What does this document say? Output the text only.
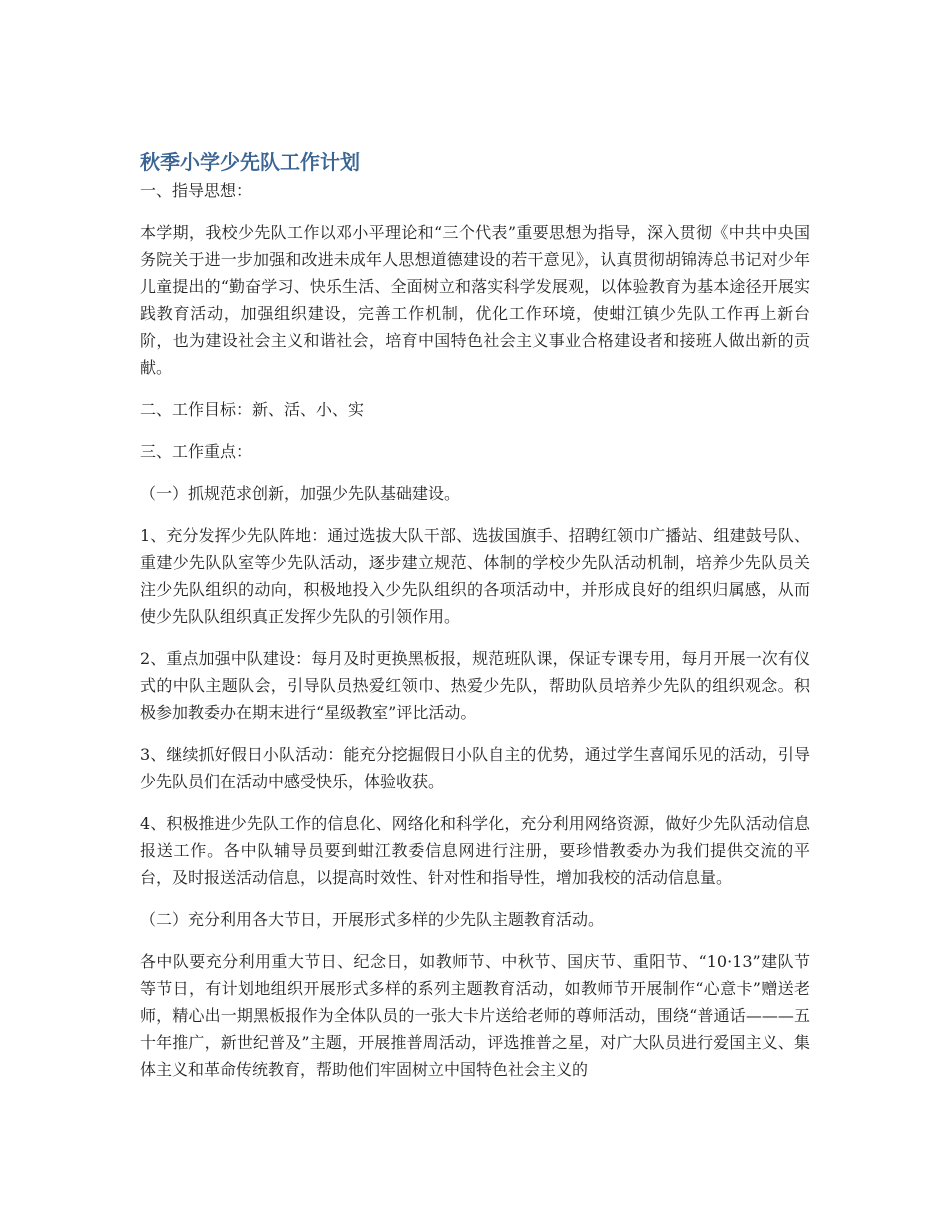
秋季小学少先队工作计划

一、指导思想：

本学期，我校少先队工作以邓小平理论和“三个代表”重要思想为指导，深入贯彻《中共中央国务院关于进一步加强和改进未成年人思想道德建设的若干意见》，认真贯彻胡锦涛总书记对少年儿童提出的“勤奋学习、快乐生活、全面树立和落实科学发展观，以体验教育为基本途径开展实践教育活动，加强组织建设，完善工作机制，优化工作环境，使蚶江镇少先队工作再上新台阶，也为建设社会主义和谐社会，培育中国特色社会主义事业合格建设者和接班人做出新的贡献。

二、工作目标：新、活、小、实

三、工作重点：

（一）抓规范求创新，加强少先队基础建设。

1、充分发挥少先队阵地：通过选拔大队干部、选拔国旗手、招聘红领巾广播站、组建鼓号队、重建少先队队室等少先队活动，逐步建立规范、体制的学校少先队活动机制，培养少先队员关注少先队组织的动向，积极地投入少先队组织的各项活动中，并形成良好的组织归属感，从而使少先队队组织真正发挥少先队的引领作用。

2、重点加强中队建设：每月及时更换黑板报，规范班队课，保证专课专用，每月开展一次有仪式的中队主题队会，引导队员热爱红领巾、热爱少先队，帮助队员培养少先队的组织观念。积极参加教委办在期末进行“星级教室”评比活动。

3、继续抓好假日小队活动：能充分挖掘假日小队自主的优势，通过学生喜闻乐见的活动，引导少先队员们在活动中感受快乐，体验收获。

4、积极推进少先队工作的信息化、网络化和科学化，充分利用网络资源，做好少先队活动信息报送工作。各中队辅导员要到蚶江教委信息网进行注册，要珍惜教委办为我们提供交流的平台，及时报送活动信息，以提高时效性、针对性和指导性，增加我校的活动信息量。

（二）充分利用各大节日，开展形式多样的少先队主题教育活动。

各中队要充分利用重大节日、纪念日，如教师节、中秋节、国庆节、重阳节、“10·13”建队节等节日，有计划地组织开展形式多样的系列主题教育活动，如教师节开展制作“心意卡”赠送老师，精心出一期黑板报作为全体队员的一张大卡片送给老师的尊师活动，围绕“普通话———五十年推广，新世纪普及”主题，开展推普周活动，评选推普之星，对广大队员进行爱国主义、集体主义和革命传统教育，帮助他们牢固树立中国特色社会主义的
